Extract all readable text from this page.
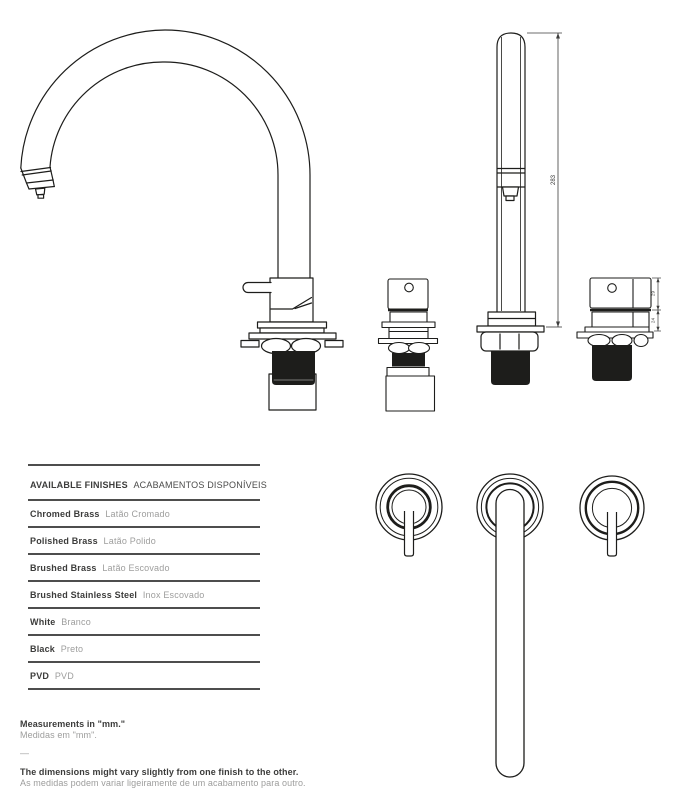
283
29
24
AVAILABLE FINISHES ACABAMENTOS DISPONÍVEIS
Chromed Brass Latão Cromado
Polished Brass Latão Polido
Brushed Brass Latão Escovado
Brushed Stainless Steel Inox Escovado
White Branco
Black Preto
PVD PVD
Measurements in "mm."
Medidas em "mm".
—
The dimensions might vary slightly from one finish to the other.
As medidas podem variar ligeiramente de um acabamento para outro.
